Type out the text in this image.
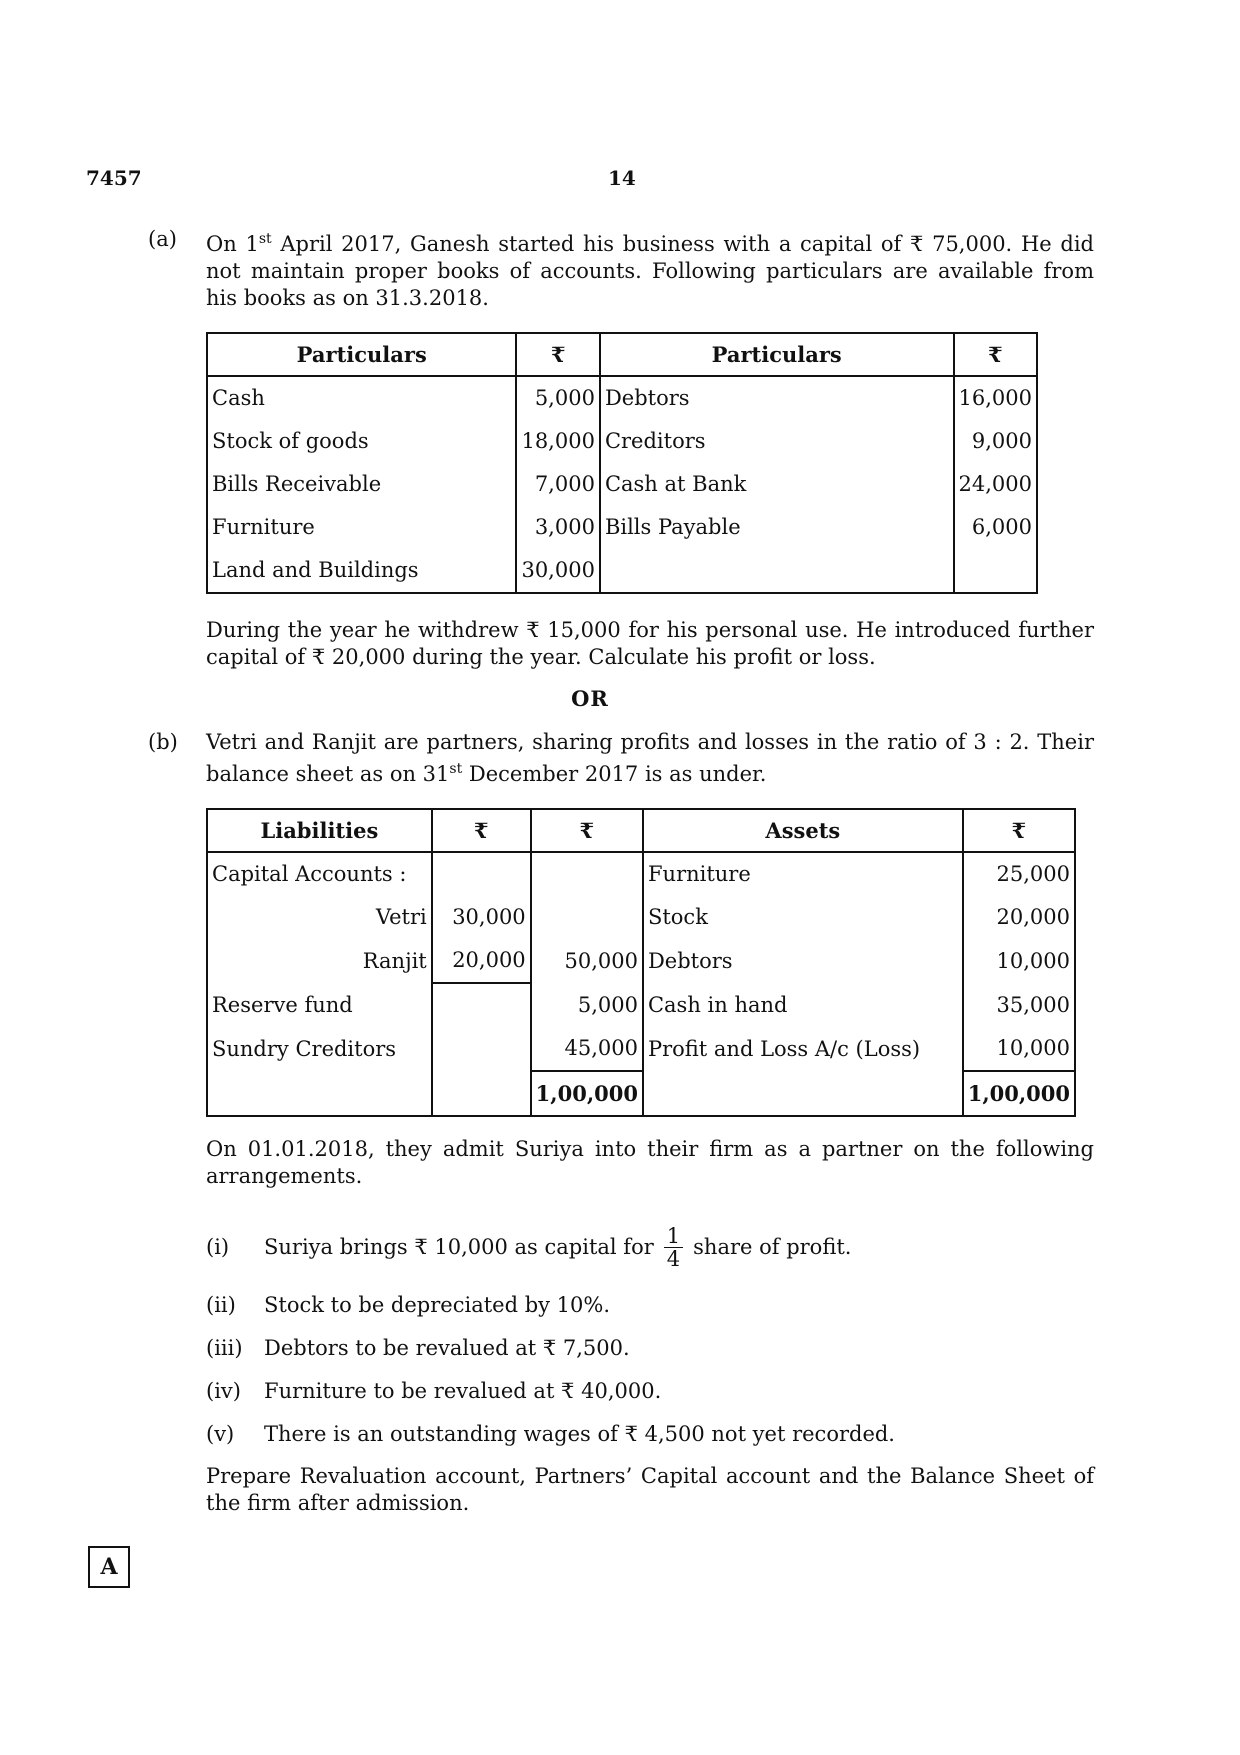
7457	14
(a) On 1st April 2017, Ganesh started his business with a capital of ₹ 75,000. He did not maintain proper books of accounts. Following particulars are available from his books as on 31.3.2018.

Particulars	₹	Particulars	₹
Cash	5,000	Debtors	16,000
Stock of goods	18,000	Creditors	9,000
Bills Receivable	7,000	Cash at Bank	24,000
Furniture	3,000	Bills Payable	6,000
Land and Buildings	30,000		

During the year he withdrew ₹ 15,000 for his personal use. He introduced further capital of ₹ 20,000 during the year. Calculate his profit or loss.

OR
(b) Vetri and Ranjit are partners, sharing profits and losses in the ratio of 3 : 2. Their balance sheet as on 31st December 2017 is as under.

Liabilities	₹	₹	Assets	₹
Capital Accounts :			Furniture	25,000
Vetri	30,000		Stock	20,000
Ranjit	20,000	50,000	Debtors	10,000
Reserve fund		5,000	Cash in hand	35,000
Sundry Creditors		45,000	Profit and Loss A/c (Loss)	10,000
		1,00,000		1,00,000

On 01.01.2018, they admit Suriya into their firm as a partner on the following arrangements.

(i)	Suriya brings ₹ 10,000 as capital for $\frac{1}{4}$ share of profit.
(ii)	Stock to be depreciated by 10%.
(iii)	Debtors to be revalued at ₹ 7,500.
(iv)	Furniture to be revalued at ₹ 40,000.
(v)	There is an outstanding wages of ₹ 4,500 not yet recorded.

Prepare Revaluation account, Partners’ Capital account and the Balance Sheet of the firm after admission.

A
